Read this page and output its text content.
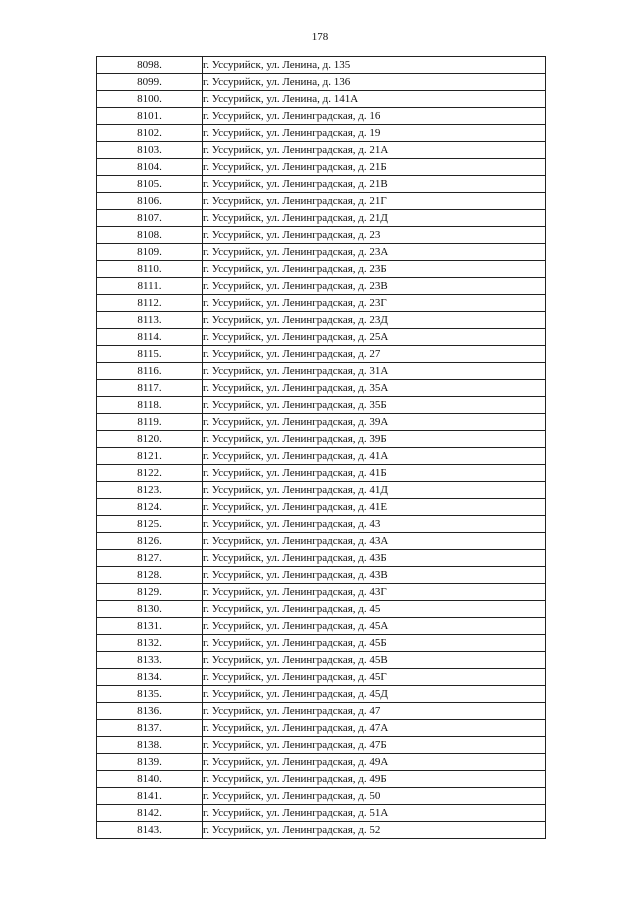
178
8098.	г. Уссурийск, ул. Ленина, д. 135
8099.	г. Уссурийск, ул. Ленина, д. 136
8100.	г. Уссурийск, ул. Ленина, д. 141А
8101.	г. Уссурийск, ул. Ленинградская, д. 16
8102.	г. Уссурийск, ул. Ленинградская, д. 19
8103.	г. Уссурийск, ул. Ленинградская, д. 21А
8104.	г. Уссурийск, ул. Ленинградская, д. 21Б
8105.	г. Уссурийск, ул. Ленинградская, д. 21В
8106.	г. Уссурийск, ул. Ленинградская, д. 21Г
8107.	г. Уссурийск, ул. Ленинградская, д. 21Д
8108.	г. Уссурийск, ул. Ленинградская, д. 23
8109.	г. Уссурийск, ул. Ленинградская, д. 23А
8110.	г. Уссурийск, ул. Ленинградская, д. 23Б
8111.	г. Уссурийск, ул. Ленинградская, д. 23В
8112.	г. Уссурийск, ул. Ленинградская, д. 23Г
8113.	г. Уссурийск, ул. Ленинградская, д. 23Д
8114.	г. Уссурийск, ул. Ленинградская, д. 25А
8115.	г. Уссурийск, ул. Ленинградская, д. 27
8116.	г. Уссурийск, ул. Ленинградская, д. 31А
8117.	г. Уссурийск, ул. Ленинградская, д. 35А
8118.	г. Уссурийск, ул. Ленинградская, д. 35Б
8119.	г. Уссурийск, ул. Ленинградская, д. 39А
8120.	г. Уссурийск, ул. Ленинградская, д. 39Б
8121.	г. Уссурийск, ул. Ленинградская, д. 41А
8122.	г. Уссурийск, ул. Ленинградская, д. 41Б
8123.	г. Уссурийск, ул. Ленинградская, д. 41Д
8124.	г. Уссурийск, ул. Ленинградская, д. 41Е
8125.	г. Уссурийск, ул. Ленинградская, д. 43
8126.	г. Уссурийск, ул. Ленинградская, д. 43А
8127.	г. Уссурийск, ул. Ленинградская, д. 43Б
8128.	г. Уссурийск, ул. Ленинградская, д. 43В
8129.	г. Уссурийск, ул. Ленинградская, д. 43Г
8130.	г. Уссурийск, ул. Ленинградская, д. 45
8131.	г. Уссурийск, ул. Ленинградская, д. 45А
8132.	г. Уссурийск, ул. Ленинградская, д. 45Б
8133.	г. Уссурийск, ул. Ленинградская, д. 45В
8134.	г. Уссурийск, ул. Ленинградская, д. 45Г
8135.	г. Уссурийск, ул. Ленинградская, д. 45Д
8136.	г. Уссурийск, ул. Ленинградская, д. 47
8137.	г. Уссурийск, ул. Ленинградская, д. 47А
8138.	г. Уссурийск, ул. Ленинградская, д. 47Б
8139.	г. Уссурийск, ул. Ленинградская, д. 49А
8140.	г. Уссурийск, ул. Ленинградская, д. 49Б
8141.	г. Уссурийск, ул. Ленинградская, д. 50
8142.	г. Уссурийск, ул. Ленинградская, д. 51А
8143.	г. Уссурийск, ул. Ленинградская, д. 52
